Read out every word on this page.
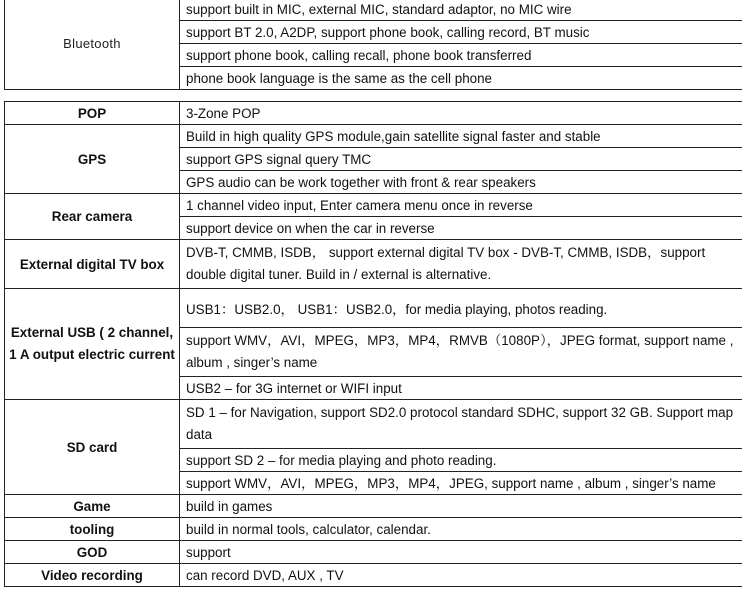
Bluetooth	support built in MIC, external MIC, standard adaptor, no MIC wire
support BT 2.0, A2DP, support phone book, calling record, BT music
support phone book, calling recall, phone book transferred
phone book language is the same as the cell phone
POP	3-Zone POP
GPS	Build in high quality GPS module,gain satellite signal faster and stable
	support GPS signal query TMC
	GPS audio can be work together with front & rear speakers
Rear camera	1 channel video input, Enter camera menu once in reverse
	support device on when the car in reverse
External digital TV box	DVB-T, CMMB, ISDB， support external digital TV box - DVB-T, CMMB, ISDB，support double digital tuner. Build in / external is alternative.
External USB ( 2 channel, 1 A output electric current	USB1：USB2.0， USB1：USB2.0，for media playing, photos reading.
	support WMV，AVI，MPEG，MP3，MP4，RMVB（1080P），JPEG format, support name , album , singer’s name
	USB2 – for 3G internet or WIFI input
SD card	SD 1 – for Navigation, support SD2.0 protocol standard SDHC, support 32 GB. Support map data
	support SD 2 – for media playing and photo reading.
	support WMV，AVI，MPEG，MP3，MP4，JPEG, support name , album , singer’s name
Game	build in games
tooling	build in normal tools, calculator, calendar.
GOD	support
Video recording	can record DVD, AUX , TV
